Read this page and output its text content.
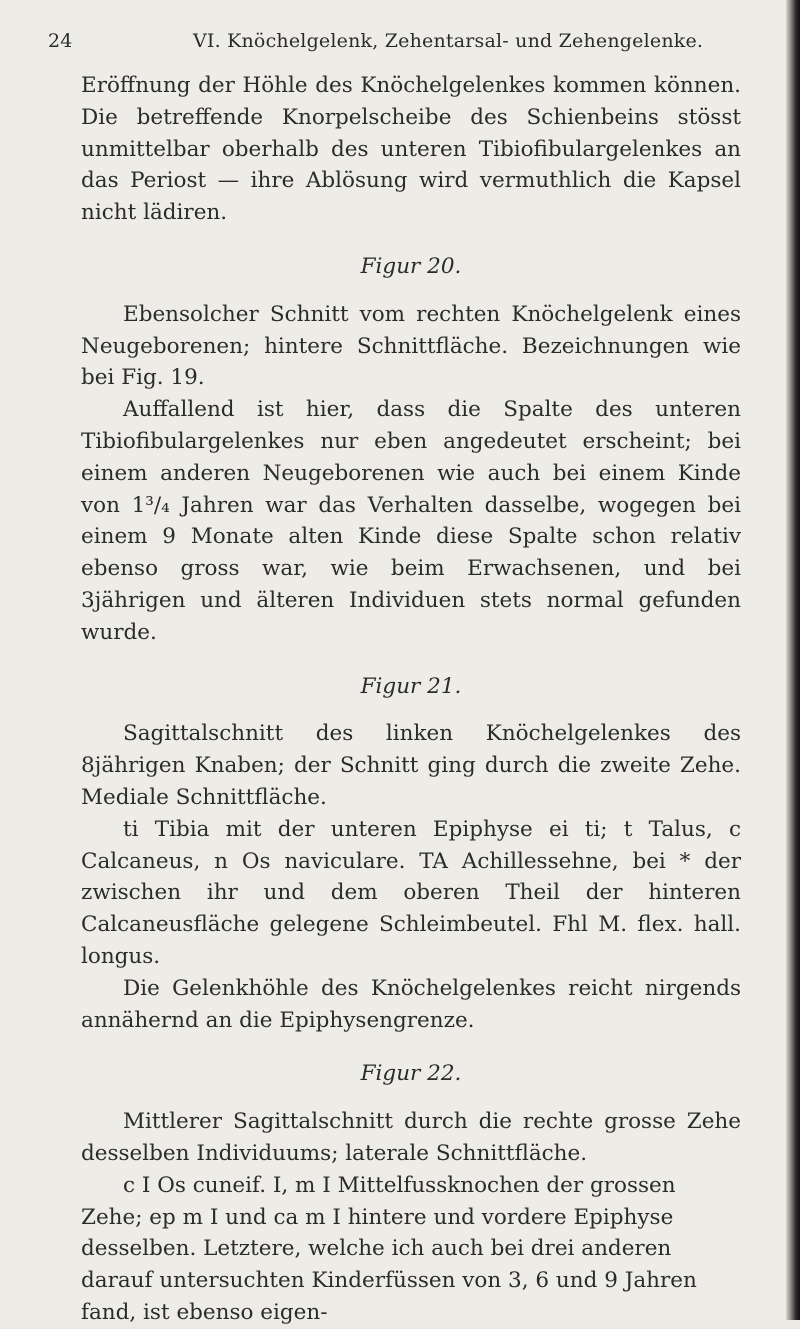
24	VI. Knöchelgelenk, Zehentarsal- und Zehengelenke.

Eröffnung der Höhle des Knöchelgelenkes kommen können. Die betreffende Knorpelscheibe des Schienbeins stösst unmittelbar oberhalb des unteren Tibiofibulargelenkes an das Periost — ihre Ablösung wird vermuthlich die Kapsel nicht lädiren.

Figur 20.

Ebensolcher Schnitt vom rechten Knöchelgelenk eines Neugeborenen; hintere Schnittfläche. Bezeichnungen wie bei Fig. 19.

Auffallend ist hier, dass die Spalte des unteren Tibiofibulargelenkes nur eben angedeutet erscheint; bei einem anderen Neugeborenen wie auch bei einem Kinde von 1³/₄ Jahren war das Verhalten dasselbe, wogegen bei einem 9 Monate alten Kinde diese Spalte schon relativ ebenso gross war, wie beim Erwachsenen, und bei 3jährigen und älteren Individuen stets normal gefunden wurde.

Figur 21.

Sagittalschnitt des linken Knöchelgelenkes des 8jährigen Knaben; der Schnitt ging durch die zweite Zehe. Mediale Schnittfläche.

ti Tibia mit der unteren Epiphyse ei ti; t Talus, c Calcaneus, n Os naviculare. TA Achillessehne, bei * der zwischen ihr und dem oberen Theil der hinteren Calcaneusfläche gelegene Schleimbeutel. Fhl M. flex. hall. longus.

Die Gelenkhöhle des Knöchelgelenkes reicht nirgends annähernd an die Epiphysengrenze.

Figur 22.

Mittlerer Sagittalschnitt durch die rechte grosse Zehe desselben Individuums; laterale Schnittfläche.

c I Os cuneif. I, m I Mittelfussknochen der grossen Zehe; ep m I und ca m I hintere und vordere Epiphyse desselben. Letztere, welche ich auch bei drei anderen darauf untersuchten Kinderfüssen von 3, 6 und 9 Jahren fand, ist ebenso eigen-
